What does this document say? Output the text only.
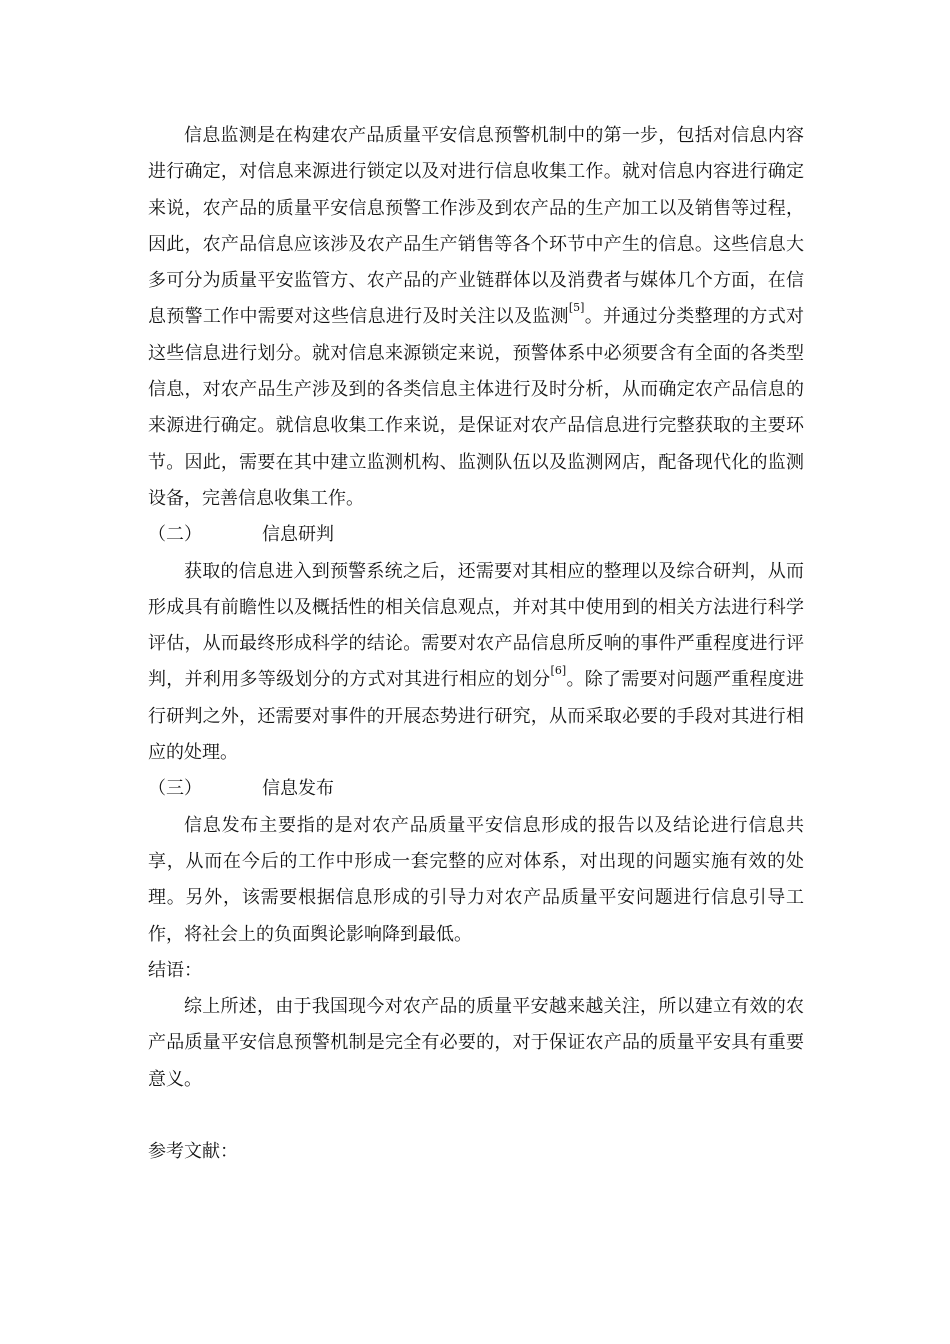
信息监测是在构建农产品质量平安信息预警机制中的第一步，包括对信息内容进行确定，对信息来源进行锁定以及对进行信息收集工作。就对信息内容进行确定来说，农产品的质量平安信息预警工作涉及到农产品的生产加工以及销售等过程，因此，农产品信息应该涉及农产品生产销售等各个环节中产生的信息。这些信息大多可分为质量平安监管方、农产品的产业链群体以及消费者与媒体几个方面，在信息预警工作中需要对这些信息进行及时关注以及监测[5]。并通过分类整理的方式对这些信息进行划分。就对信息来源锁定来说，预警体系中必须要含有全面的各类型信息，对农产品生产涉及到的各类信息主体进行及时分析，从而确定农产品信息的来源进行确定。就信息收集工作来说，是保证对农产品信息进行完整获取的主要环节。因此，需要在其中建立监测机构、监测队伍以及监测网店，配备现代化的监测设备，完善信息收集工作。

（二）	信息研判

获取的信息进入到预警系统之后，还需要对其相应的整理以及综合研判，从而形成具有前瞻性以及概括性的相关信息观点，并对其中使用到的相关方法进行科学评估，从而最终形成科学的结论。需要对农产品信息所反响的事件严重程度进行评判，并利用多等级划分的方式对其进行相应的划分[6]。除了需要对问题严重程度进行研判之外，还需要对事件的开展态势进行研究，从而采取必要的手段对其进行相应的处理。

（三）	信息发布

信息发布主要指的是对农产品质量平安信息形成的报告以及结论进行信息共享，从而在今后的工作中形成一套完整的应对体系，对出现的问题实施有效的处理。另外，该需要根据信息形成的引导力对农产品质量平安问题进行信息引导工作，将社会上的负面舆论影响降到最低。

结语：

综上所述，由于我国现今对农产品的质量平安越来越关注，所以建立有效的农产品质量平安信息预警机制是完全有必要的，对于保证农产品的质量平安具有重要意义。

参考文献：
